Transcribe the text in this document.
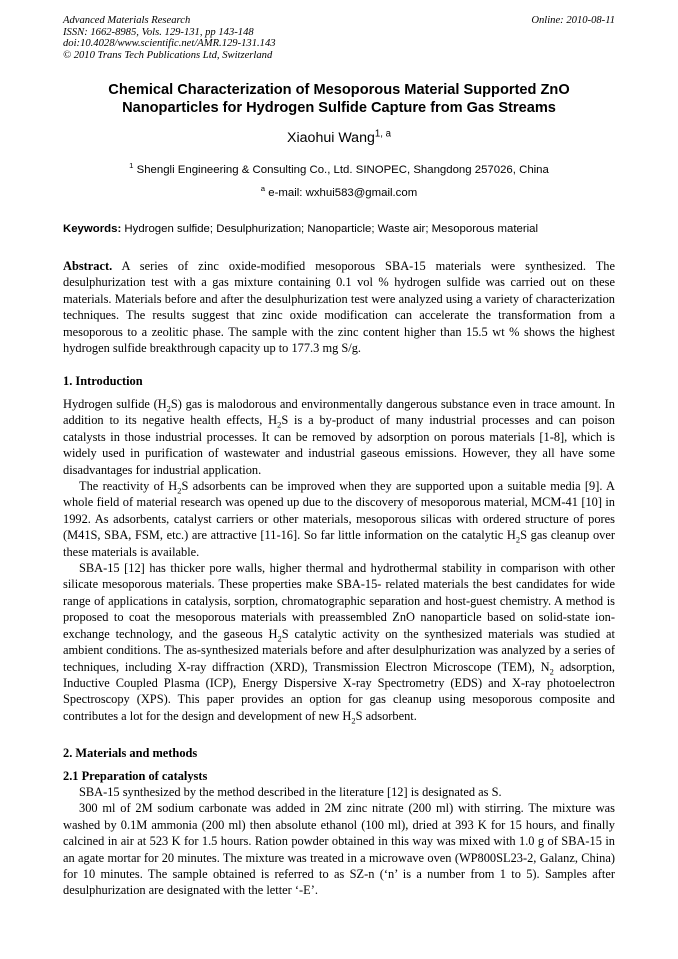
Advanced Materials Research
ISSN: 1662-8985, Vols. 129-131, pp 143-148
doi:10.4028/www.scientific.net/AMR.129-131.143
© 2010 Trans Tech Publications Ltd, Switzerland
Online: 2010-08-11
Chemical Characterization of Mesoporous Material Supported ZnO
Nanoparticles for Hydrogen Sulfide Capture from Gas Streams
Xiaohui Wang$^{1, a}$
$^1$ Shengli Engineering & Consulting Co., Ltd. SINOPEC, Shangdong 257026, China
$^a$ e-mail: wxhui583@gmail.com
Keywords: Hydrogen sulfide; Desulphurization; Nanoparticle; Waste air; Mesoporous material
Abstract. A series of zinc oxide-modified mesoporous SBA-15 materials were synthesized. The desulphurization test with a gas mixture containing 0.1 vol % hydrogen sulfide was carried out on these materials. Materials before and after the desulphurization test were analyzed using a variety of characterization techniques. The results suggest that zinc oxide modification can accelerate the transformation from a mesoporous to a zeolitic phase. The sample with the zinc content higher than 15.5 wt % shows the highest hydrogen sulfide breakthrough capacity up to 177.3 mg S/g.
1. Introduction

Hydrogen sulfide $(H_2S)$ gas is malodorous and environmentally dangerous substance even in trace amount. In addition to its negative health effects, $H_2S$ is a by-product of many industrial processes and can poison catalysts in those industrial processes. It can be removed by adsorption on porous materials [1-8], which is widely used in purification of wastewater and industrial gaseous emissions. However, they all have some disadvantages for industrial application.

The reactivity of $H_2S$ adsorbents can be improved when they are supported upon a suitable media [9]. A whole field of material research was opened up due to the discovery of mesoporous material, MCM-41 [10] in 1992. As adsorbents, catalyst carriers or other materials, mesoporous silicas with ordered structure of pores (M41S, SBA, FSM, etc.) are attractive [11-16]. So far little information on the catalytic $H_2S$ gas cleanup over these materials is available.

SBA-15 [12] has thicker pore walls, higher thermal and hydrothermal stability in comparison with other silicate mesoporous materials. These properties make SBA-15- related materials the best candidates for wide range of applications in catalysis, sorption, chromatographic separation and host-guest chemistry. A method is proposed to coat the mesoporous materials with preassembled ZnO nanoparticle based on solid-state ion-exchange technology, and the gaseous $H_2S$ catalytic activity on the synthesized materials was studied at ambient conditions. The as-synthesized materials before and after desulphurization was analyzed by a series of techniques, including X-ray diffraction (XRD), Transmission Electron Microscope (TEM), $N_2$ adsorption, Inductive Coupled Plasma (ICP), Energy Dispersive X-ray Spectrometry (EDS) and X-ray photoelectron Spectroscopy (XPS). This paper provides an option for gas cleanup using mesoporous composite and contributes a lot for the design and development of new $H_2S$ adsorbent.

2. Materials and methods
2.1 Preparation of catalysts

SBA-15 synthesized by the method described in the literature [12] is designated as S.

300 ml of 2M sodium carbonate was added in 2M zinc nitrate (200 ml) with stirring. The mixture was washed by 0.1M ammonia (200 ml) then absolute ethanol (100 ml), dried at 393 K for 15 hours, and finally calcined in air at 523 K for 1.5 hours. Ration powder obtained in this way was mixed with 1.0 g of SBA-15 in an agate mortar for 20 minutes. The mixture was treated in a microwave oven (WP800SL23-2, Galanz, China) for 10 minutes. The sample obtained is referred to as SZ-n (‘n’ is a number from 1 to 5). Samples after desulphurization are designated with the letter ‘-E’.
